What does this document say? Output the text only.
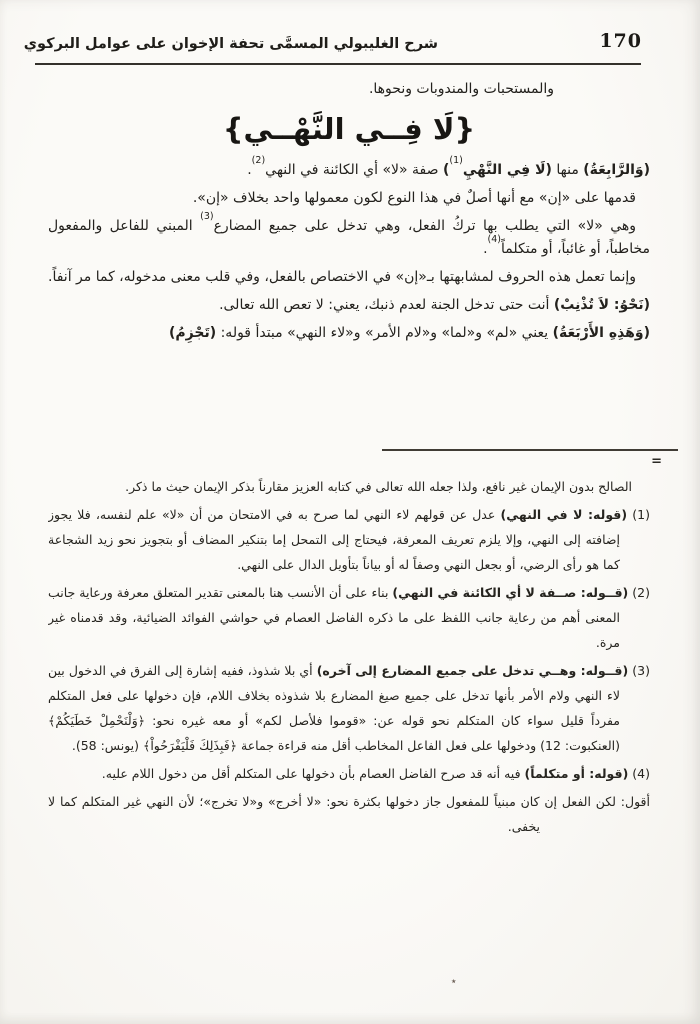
شرح الغليبولي المسمَّى تحفة الإخوان على عوامل البركوي	170
والمستحبات والمندوبات ونحوها.
{لَا فِــي النَّهْــي}

(وَالرَّابِعَةُ) منها (لَا فِي النَّهْيِ$^{(1)}$) صفة «لا» أي الكائنة في النهي$^{(2)}$.

قدمها على «إن» مع أنها أصلٌ في هذا النوع لكون معمولها واحد بخلاف «إن».

وهي «لا» التي يطلب بها تركُ الفعل، وهي تدخل على جميع المضارع$^{(3)}$ المبني للفاعل والمفعول مخاطباً، أو غائباً، أو متكلماً$^{(4)}$.

وإنما تعمل هذه الحروف لمشابهتها بـ«إن» في الاختصاص بالفعل، وفي قلب معنى مدخوله، كما مر آنفاً.

(نَحْوُ: لاَ تُذْنِبْ) أنت حتى تدخل الجنة لعدم ذنبك، يعني: لا تعص الله تعالى.

(وَهَذِهِ الأَرْبَعَةُ) يعني «لم» و«لما» و«لام الأمر» و«لاء النهي» مبتدأ قوله: (تَجْزِمُ)

=

الصالح بدون الإيمان غير نافع، ولذا جعله الله تعالى في كتابه العزيز مقارناً بذكر الإيمان حيث ما ذكر.

(1) (قوله: لا في النهي) عدل عن قولهم لاء النهي لما صرح به في الامتحان من أن «لا» علم لنفسه، فلا يجوز إضافته إلى النهي، وإلا يلزم تعريف المعرفة، فيحتاج إلى التمحل إما بتنكير المضاف أو بتجويز نحو زيد الشجاعة كما هو رأى الرضي، أو بجعل النهي وصفاً له أو بياناً بتأويل الدال على النهي.

(2) (قــوله: صــفة لا أي الكائنة في النهي) بناء على أن الأنسب هنا بالمعنى تقدير المتعلق معرفة ورعاية جانب المعنى أهم من رعاية جانب اللفظ على ما ذكره الفاضل العصام في حواشي الفوائد الضيائية، وقد قدمناه غير مرة.

(3) (قــوله: وهــي تدخل على جميع المضارع إلى آخره) أي بلا شذوذ، ففيه إشارة إلى الفرق في الدخول بين لاء النهي ولام الأمر بأنها تدخل على جميع صيغ المضارع بلا شذوذه بخلاف اللام، فإن دخولها على فعل المتكلم مفرداً قليل سواء كان المتكلم نحو قوله عن: «قوموا فلأصل لكم» أو معه غيره نحو: ﴿وَلْنَحْمِلْ خَطَيَكُمْ﴾ (العنكبوت: 12) ودخولها على فعل الفاعل المخاطب أقل منه قراءة جماعة ﴿فَبِذَلِكَ فَلْيَفْرَحُواْ﴾ (يونس: 58).

(4) (قوله: أو متكلماً) فيه أنه قد صرح الفاضل العصام بأن دخولها على المتكلم أقل من دخول اللام عليه.

أقول: لكن الفعل إن كان مبنياً للمفعول جاز دخولها بكثرة نحو: «لا أخرج» و«لا تخرج»؛ لأن النهي غير المتكلم كما لا يخفى.

٭
